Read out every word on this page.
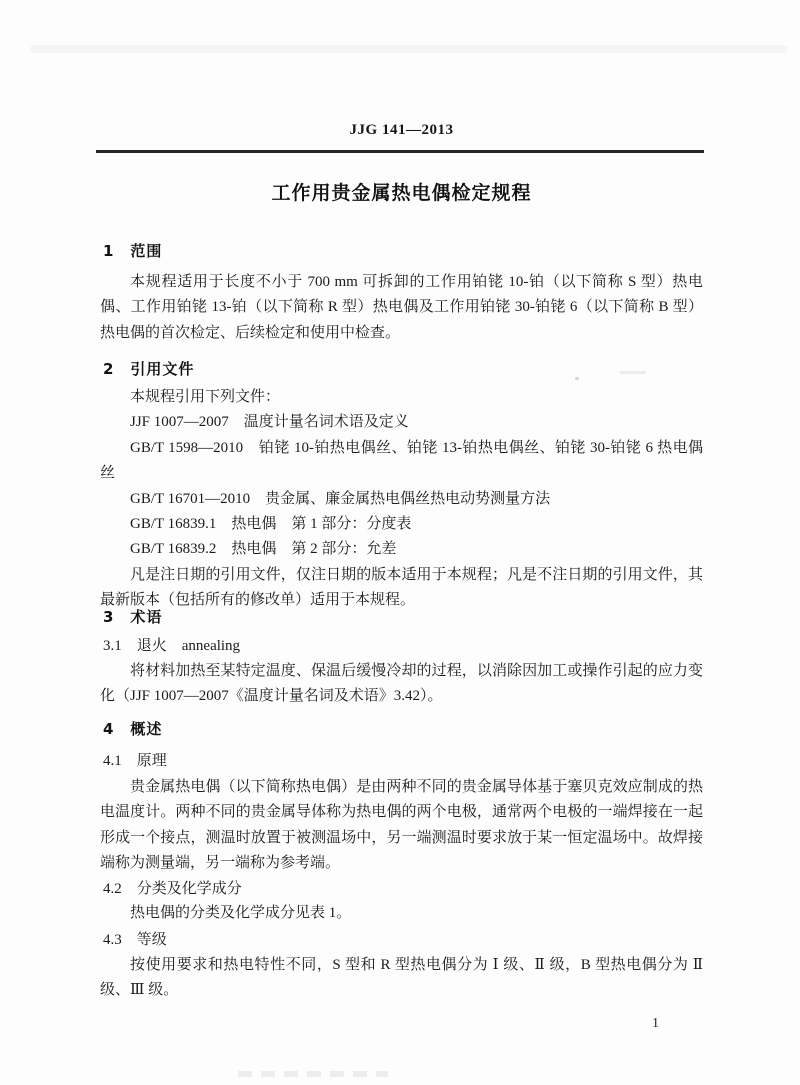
JJG 141—2013
工作用贵金属热电偶检定规程
1　范围
本规程适用于长度不小于 700 mm 可拆卸的工作用铂铑 10-铂（以下简称 S 型）热电偶、工作用铂铑 13-铂（以下简称 R 型）热电偶及工作用铂铑 30-铂铑 6（以下简称 B 型）热电偶的首次检定、后续检定和使用中检查。
2　引用文件
本规程引用下列文件：
JJF 1007—2007　温度计量名词术语及定义
GB/T 1598—2010　铂铑 10-铂热电偶丝、铂铑 13-铂热电偶丝、铂铑 30-铂铑 6 热电偶丝
GB/T 16701—2010　贵金属、廉金属热电偶丝热电动势测量方法
GB/T 16839.1　热电偶　第 1 部分：分度表
GB/T 16839.2　热电偶　第 2 部分：允差
凡是注日期的引用文件，仅注日期的版本适用于本规程；凡是不注日期的引用文件，其最新版本（包括所有的修改单）适用于本规程。
3　术语
3.1　退火　annealing
将材料加热至某特定温度、保温后缓慢冷却的过程，以消除因加工或操作引起的应力变化（JJF 1007—2007《温度计量名词及术语》3.42）。
4　概述
4.1　原理
贵金属热电偶（以下简称热电偶）是由两种不同的贵金属导体基于塞贝克效应制成的热电温度计。两种不同的贵金属导体称为热电偶的两个电极，通常两个电极的一端焊接在一起形成一个接点，测温时放置于被测温场中，另一端测温时要求放于某一恒定温场中。故焊接端称为测量端，另一端称为参考端。
4.2　分类及化学成分
热电偶的分类及化学成分见表 1。
4.3　等级
按使用要求和热电特性不同，S 型和 R 型热电偶分为 Ⅰ 级、Ⅱ 级，B 型热电偶分为 Ⅱ 级、Ⅲ 级。
1
